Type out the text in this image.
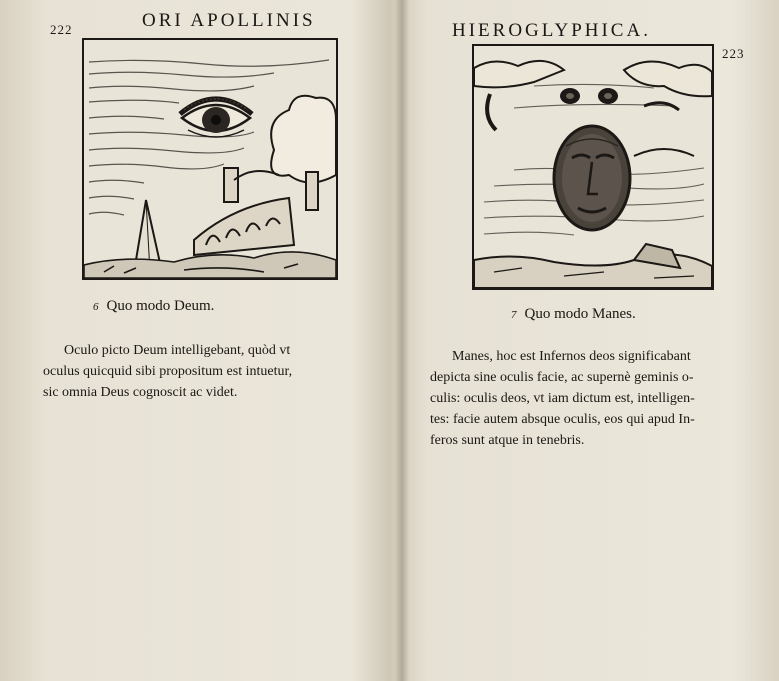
222	ORI APOLLINIS
6 Quo modo Deum.

Oculo picto Deum intelligebant, quòd vt

oculus quicquid sibi propositum est intuetur,

sic omnia Deus cognoscit ac videt.

HIEROGLYPHICA.
223
7 Quo modo Manes.

Manes, hoc est Infernos deos significabant

depicta sine oculis facie, ac supernè geminis o-

culis: oculis deos, vt iam dictum est, intelligen-

tes: facie autem absque oculis, eos qui apud In-

feros sunt atque in tenebris.
